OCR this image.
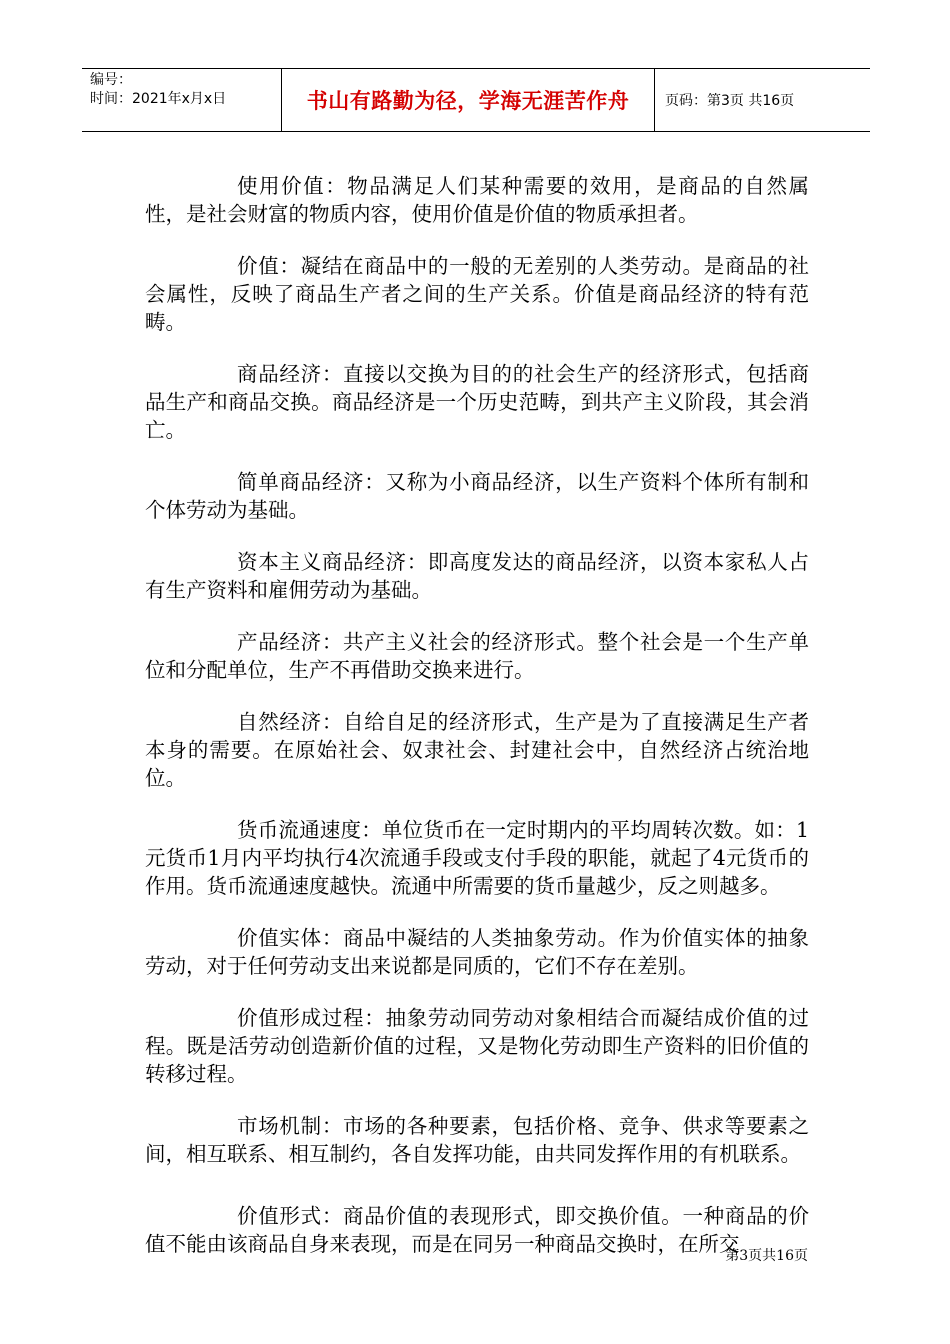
编号：
时间：2021年x月x日	书山有路勤为径，学海无涯苦作舟	页码：第3页 共16页

使用价值：物品满足人们某种需要的效用，是商品的自然属性，是社会财富的物质内容，使用价值是价值的物质承担者。

价值：凝结在商品中的一般的无差别的人类劳动。是商品的社会属性，反映了商品生产者之间的生产关系。价值是商品经济的特有范畴。

商品经济：直接以交换为目的的社会生产的经济形式，包括商品生产和商品交换。商品经济是一个历史范畴，到共产主义阶段，其会消亡。

简单商品经济：又称为小商品经济，以生产资料个体所有制和个体劳动为基础。

资本主义商品经济：即高度发达的商品经济，以资本家私人占有生产资料和雇佣劳动为基础。

产品经济：共产主义社会的经济形式。整个社会是一个生产单位和分配单位，生产不再借助交换来进行。

自然经济：自给自足的经济形式，生产是为了直接满足生产者本身的需要。在原始社会、奴隶社会、封建社会中，自然经济占统治地位。

货币流通速度：单位货币在一定时期内的平均周转次数。如：1元货币1月内平均执行4次流通手段或支付手段的职能，就起了4元货币的作用。货币流通速度越快。流通中所需要的货币量越少，反之则越多。

价值实体：商品中凝结的人类抽象劳动。作为价值实体的抽象劳动，对于任何劳动支出来说都是同质的，它们不存在差别。

价值形成过程：抽象劳动同劳动对象相结合而凝结成价值的过程。既是活劳动创造新价值的过程，又是物化劳动即生产资料的旧价值的转移过程。

市场机制：市场的各种要素，包括价格、竞争、供求等要素之间，相互联系、相互制约，各自发挥功能，由共同发挥作用的有机联系。

价值形式：商品价值的表现形式，即交换价值。一种商品的价值不能由该商品自身来表现，而是在同另一种商品交换时，在所交

第3页共16页
